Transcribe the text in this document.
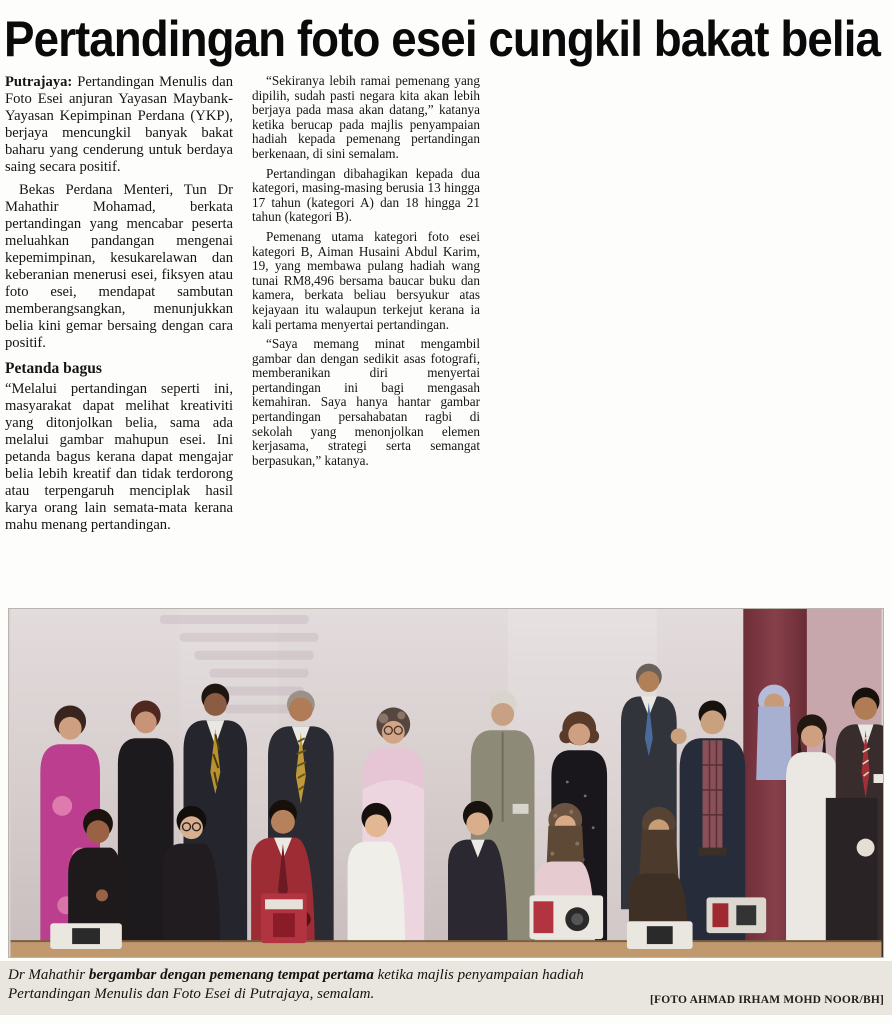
Pertandingan foto esei cungkil bakat belia

Putrajaya: Pertandingan Menulis dan Foto Esei anjuran Yayasan Maybank-Yayasan Kepimpinan Perdana (YKP), berjaya mencungkil banyak bakat baharu yang cenderung untuk berdaya saing secara positif.

Bekas Perdana Menteri, Tun Dr Mahathir Mohamad, berkata pertandingan yang mencabar peserta meluahkan pandangan mengenai kepemimpinan, kesukarelawan dan keberanian menerusi esei, fiksyen atau foto esei, mendapat sambutan memberangsangkan, menunjukkan belia kini gemar bersaing dengan cara positif.

Petanda bagus

“Melalui pertandingan seperti ini, masyarakat dapat melihat kreativiti yang ditonjolkan belia, sama ada melalui gambar mahupun esei. Ini petanda bagus kerana dapat mengajar belia lebih kreatif dan tidak terdorong atau terpengaruh menciplak hasil karya orang lain semata-mata kerana mahu menang pertandingan.

“Sekiranya lebih ramai pemenang yang dipilih, sudah pasti negara kita akan lebih berjaya pada masa akan datang,” katanya ketika berucap pada majlis penyampaian hadiah kepada pemenang pertandingan berkenaan, di sini semalam.

Pertandingan dibahagikan kepada dua kategori, masing-masing berusia 13 hingga 17 tahun (kategori A) dan 18 hingga 21 tahun (kategori B).

Pemenang utama kategori foto esei kategori B, Aiman Husaini Abdul Karim, 19, yang membawa pulang hadiah wang tunai RM8,496 bersama baucar buku dan kamera, berkata beliau bersyukur atas kejayaan itu walaupun terkejut kerana ia kali pertama menyertai pertandingan.

“Saya memang minat mengambil gambar dan dengan sedikit asas fotografi, memberanikan diri menyertai pertandingan ini bagi mengasah kemahiran. Saya hanya hantar gambar pertandingan persahabatan ragbi di sekolah yang menonjolkan elemen kerjasama, strategi serta semangat berpasukan,” katanya.

Dr Mahathir bergambar dengan pemenang tempat pertama ketika majlis penyampaian hadiah Pertandingan Menulis dan Foto Esei di Putrajaya, semalam.	[FOTO AHMAD IRHAM MOHD NOOR/BH]
